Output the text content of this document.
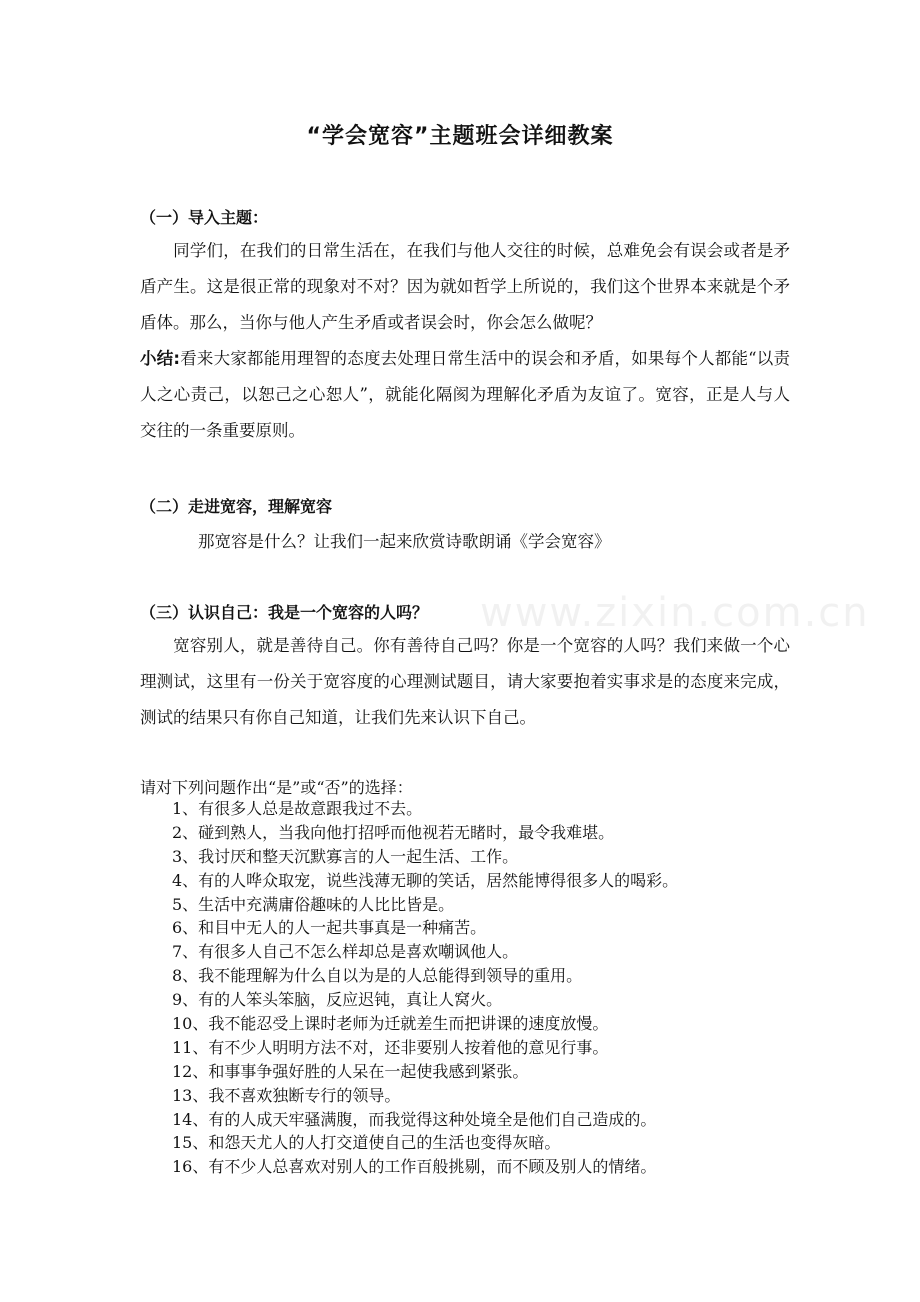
www.zixin.com.cn
“学会宽容”主题班会详细教案
（一）导入主题：
同学们，在我们的日常生活在，在我们与他人交往的时候，总难免会有误会或者是矛盾产生。这是很正常的现象对不对？因为就如哲学上所说的，我们这个世界本来就是个矛盾体。那么，当你与他人产生矛盾或者误会时，你会怎么做呢？
小结:看来大家都能用理智的态度去处理日常生活中的误会和矛盾，如果每个人都能“以责人之心责己，以恕己之心恕人”，就能化隔阂为理解化矛盾为友谊了。宽容，正是人与人交往的一条重要原则。
（二）走进宽容，理解宽容
那宽容是什么？让我们一起来欣赏诗歌朗诵《学会宽容》
（三）认识自己：我是一个宽容的人吗？
宽容别人，就是善待自己。你有善待自己吗？你是一个宽容的人吗？我们来做一个心理测试，这里有一份关于宽容度的心理测试题目，请大家要抱着实事求是的态度来完成，测试的结果只有你自己知道，让我们先来认识下自己。
请对下列问题作出“是”或“否”的选择：
1、有很多人总是故意跟我过不去。
2、碰到熟人，当我向他打招呼而他视若无睹时，最令我难堪。
3、我讨厌和整天沉默寡言的人一起生活、工作。
4、有的人哗众取宠，说些浅薄无聊的笑话，居然能博得很多人的喝彩。
5、生活中充满庸俗趣味的人比比皆是。
6、和目中无人的人一起共事真是一种痛苦。
7、有很多人自己不怎么样却总是喜欢嘲讽他人。
8、我不能理解为什么自以为是的人总能得到领导的重用。
9、有的人笨头笨脑，反应迟钝，真让人窝火。
10、我不能忍受上课时老师为迁就差生而把讲课的速度放慢。
11、有不少人明明方法不对，还非要别人按着他的意见行事。
12、和事事争强好胜的人呆在一起使我感到紧张。
13、我不喜欢独断专行的领导。
14、有的人成天牢骚满腹，而我觉得这种处境全是他们自己造成的。
15、和怨天尤人的人打交道使自己的生活也变得灰暗。
16、有不少人总喜欢对别人的工作百般挑剔，而不顾及别人的情绪。
